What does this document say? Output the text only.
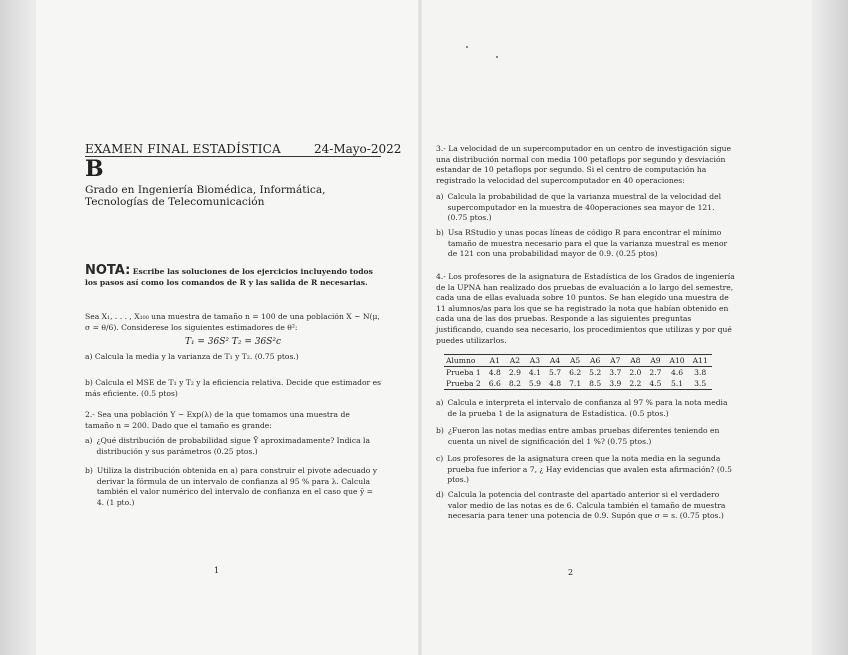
EXAMEN FINAL ESTADÍSTICA	24-Mayo-2022
B
Grado en Ingeniería Biomédica, Informática, Tecnologías de Telecomunicación
NOTA: Escribe las soluciones de los ejercicios incluyendo todos los pasos así como los comandos de R y las salida de R necesarias.
Sea X₁, . . . , X₁₀₀ una muestra de tamaño n = 100 de una población X ~ N(μ, σ = θ/6). Considerese los siguientes estimadores de θ²:
T₁ = 36S² T₂ = 36S²c
a) Calcula la media y la varianza de T₁ y T₂. (0.75 ptos.)
b) Calcula el MSE de T₁ y T₂ y la eficiencia relativa. Decide que estimador es más eficiente. (0.5 ptos)
2.- Sea una población Y ~ Exp(λ) de la que tomamos una muestra de tamaño n = 200. Dado que el tamaño es grande:
a) ¿Qué distribución de probabilidad sigue Ȳ aproximadamente? Indica la distribución y sus parámetros (0.25 ptos.)
b) Utiliza la distribución obtenida en a) para construir el pivote adecuado y derivar la fórmula de un intervalo de confianza al 95 % para λ. Calcula también el valor numérico del intervalo de confianza en el caso que ȳ = 4. (1 pto.)
1
3.- La velocidad de un supercomputador en un centro de investigación sigue una distribución normal con media 100 petaflops por segundo y desviación estandar de 10 petaflops por segundo. Si el centro de computación ha registrado la velocidad del supercomputador en 40 operaciones:
a) Calcula la probabilidad de que la varianza muestral de la velocidad del supercomputador en la muestra de 40operaciones sea mayor de 121. (0.75 ptos.)
b) Usa RStudio y unas pocas líneas de código R para encontrar el mínimo tamaño de muestra necesario para el que la varianza muestral es menor de 121 con una probabilidad mayor de 0.9. (0.25 ptos)
4.- Los profesores de la asignatura de Estadística de los Grados de ingeniería de la UPNA han realizado dos pruebas de evaluación a lo largo del semestre, cada una de ellas evaluada sobre 10 puntos. Se han elegido una muestra de 11 alumnos/as para los que se ha registrado la nota que habían obtenido en cada una de las dos pruebas. Responde a las siguientes preguntas justificando, cuando sea necesario, los procedimientos que utilizas y por qué puedes utilizarlos.
Alumno	A1	A2	A3	A4	A5	A6	A7	A8	A9	A10	A11
Prueba 1	4.8	2.9	4.1	5.7	6.2	5.2	3.7	2.0	2.7	4.6	3.8
Prueba 2	6.6	8.2	5.9	4.8	7.1	8.5	3.9	2.2	4.5	5.1	3.5
a) Calcula e interpreta el intervalo de confianza al 97 % para la nota media de la prueba 1 de la asignatura de Estadística. (0.5 ptos.)
b) ¿Fueron las notas medias entre ambas pruebas diferentes teniendo en cuenta un nivel de significación del 1 %? (0.75 ptos.)
c) Los profesores de la asignatura creen que la nota media en la segunda prueba fue inferior a 7, ¿ Hay evidencias que avalen esta afirmación? (0.5 ptos.)
d) Calcula la potencia del contraste del apartado anterior si el verdadero valor medio de las notas es de 6. Calcula también el tamaño de muestra necesaria para tener una potencia de 0.9. Supón que σ = s. (0.75 ptos.)
2
